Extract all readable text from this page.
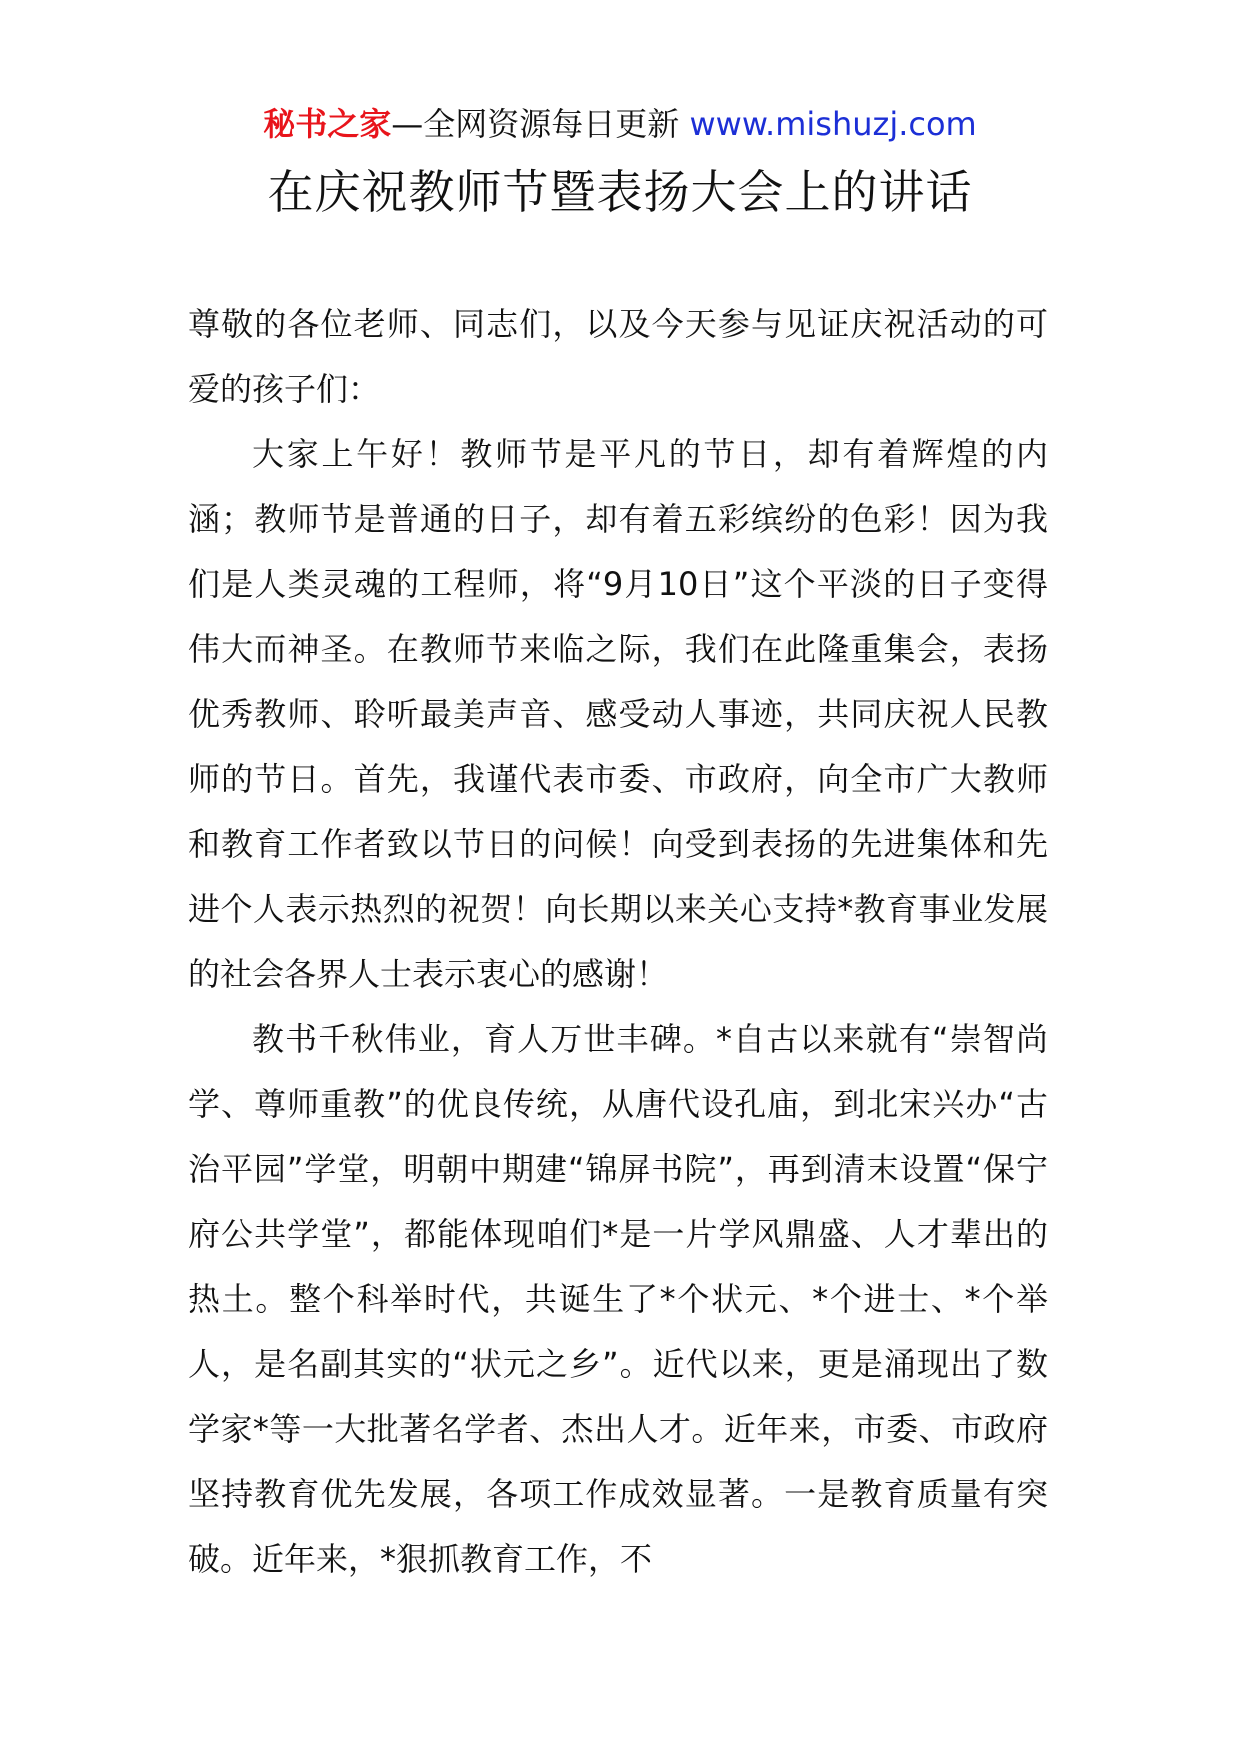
秘书之家—全网资源每日更新 www.mishuzj.com
在庆祝教师节暨表扬大会上的讲话

尊敬的各位老师、同志们，以及今天参与见证庆祝活动的可爱的孩子们：

大家上午好！教师节是平凡的节日，却有着辉煌的内涵；教师节是普通的日子，却有着五彩缤纷的色彩！因为我们是人类灵魂的工程师，将“9月10日”这个平淡的日子变得伟大而神圣。在教师节来临之际，我们在此隆重集会，表扬优秀教师、聆听最美声音、感受动人事迹，共同庆祝人民教师的节日。首先，我谨代表市委、市政府，向全市广大教师和教育工作者致以节日的问候！向受到表扬的先进集体和先进个人表示热烈的祝贺！向长期以来关心支持*教育事业发展的社会各界人士表示衷心的感谢！

教书千秋伟业，育人万世丰碑。*自古以来就有“崇智尚学、尊师重教”的优良传统，从唐代设孔庙，到北宋兴办“古治平园”学堂，明朝中期建“锦屏书院”，再到清末设置“保宁府公共学堂”，都能体现咱们*是一片学风鼎盛、人才辈出的热土。整个科举时代，共诞生了*个状元、*个进士、*个举人，是名副其实的“状元之乡”。近代以来，更是涌现出了数学家*等一大批著名学者、杰出人才。近年来，市委、市政府坚持教育优先发展，各项工作成效显著。一是教育质量有突破。近年来，*狠抓教育工作，不
